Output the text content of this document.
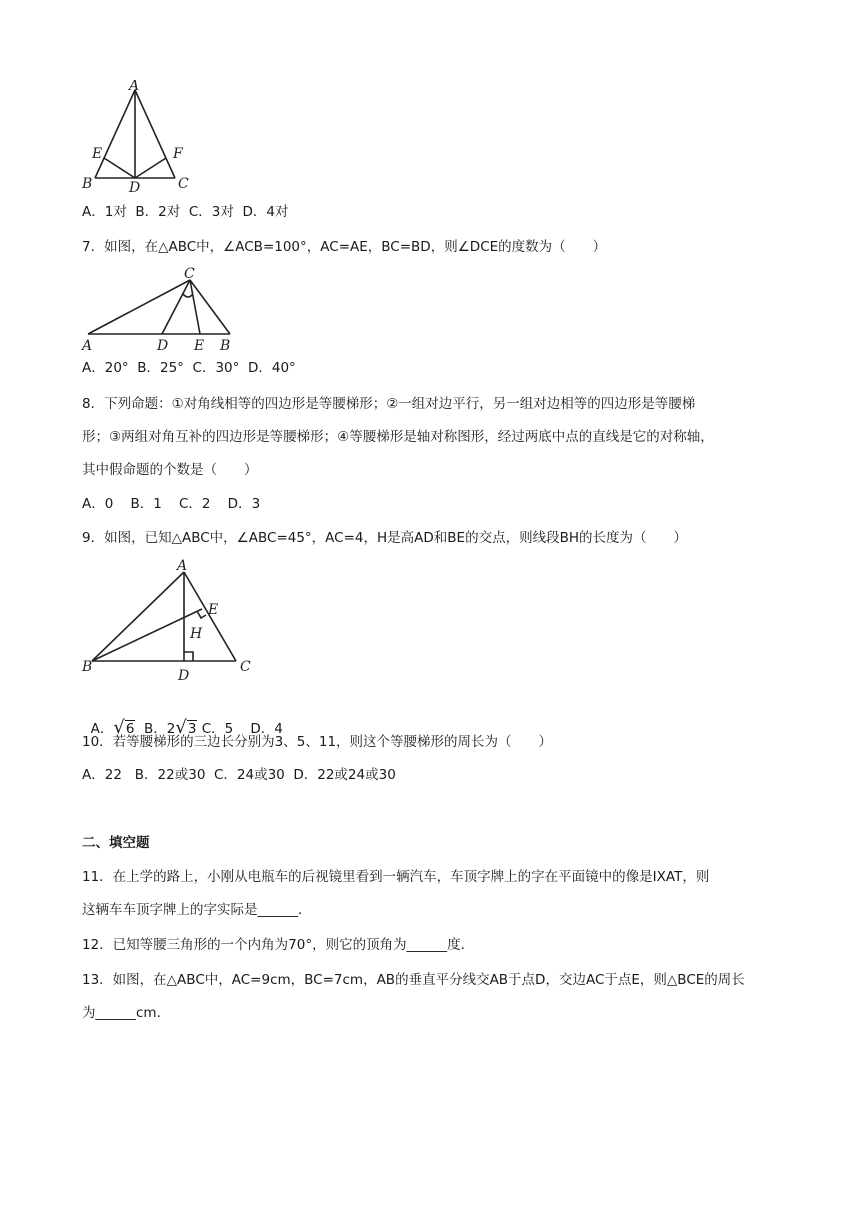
A
E	F
B	D	C
A．1对  B．2对  C．3对  D．4对
7．如图，在△ABC中，∠ACB=100°，AC=AE，BC=BD，则∠DCE的度数为（　　）
C
A	D E B
A．20°  B．25°  C．30°  D．40°
8．下列命题：①对角线相等的四边形是等腰梯形；②一组对边平行，另一组对边相等的四边形是等腰梯
形；③两组对角互补的四边形是等腰梯形；④等腰梯形是轴对称图形，经过两底中点的直线是它的对称轴，
其中假命题的个数是（　　）
A．0    B．1    C．2    D．3
9．如图，已知△ABC中，∠ABC=45°，AC=4，H是高AD和BE的交点，则线段BH的长度为（　　）
A
E
H
B
D
C

A．√6  B．2√3 C．5    D．4

10．若等腰梯形的三边长分别为3、5、11，则这个等腰梯形的周长为（　　）
A．22   B．22或30  C．24或30  D．22或24或30
二、填空题
11．在上学的路上，小刚从电瓶车的后视镜里看到一辆汽车，车顶字牌上的字在平面镜中的像是IXAT，则
这辆车车顶字牌上的字实际是______．
12．已知等腰三角形的一个内角为70°，则它的顶角为______度．
13．如图，在△ABC中，AC=9cm，BC=7cm，AB的垂直平分线交AB于点D，交边AC于点E，则△BCE的周长
为______cm．
